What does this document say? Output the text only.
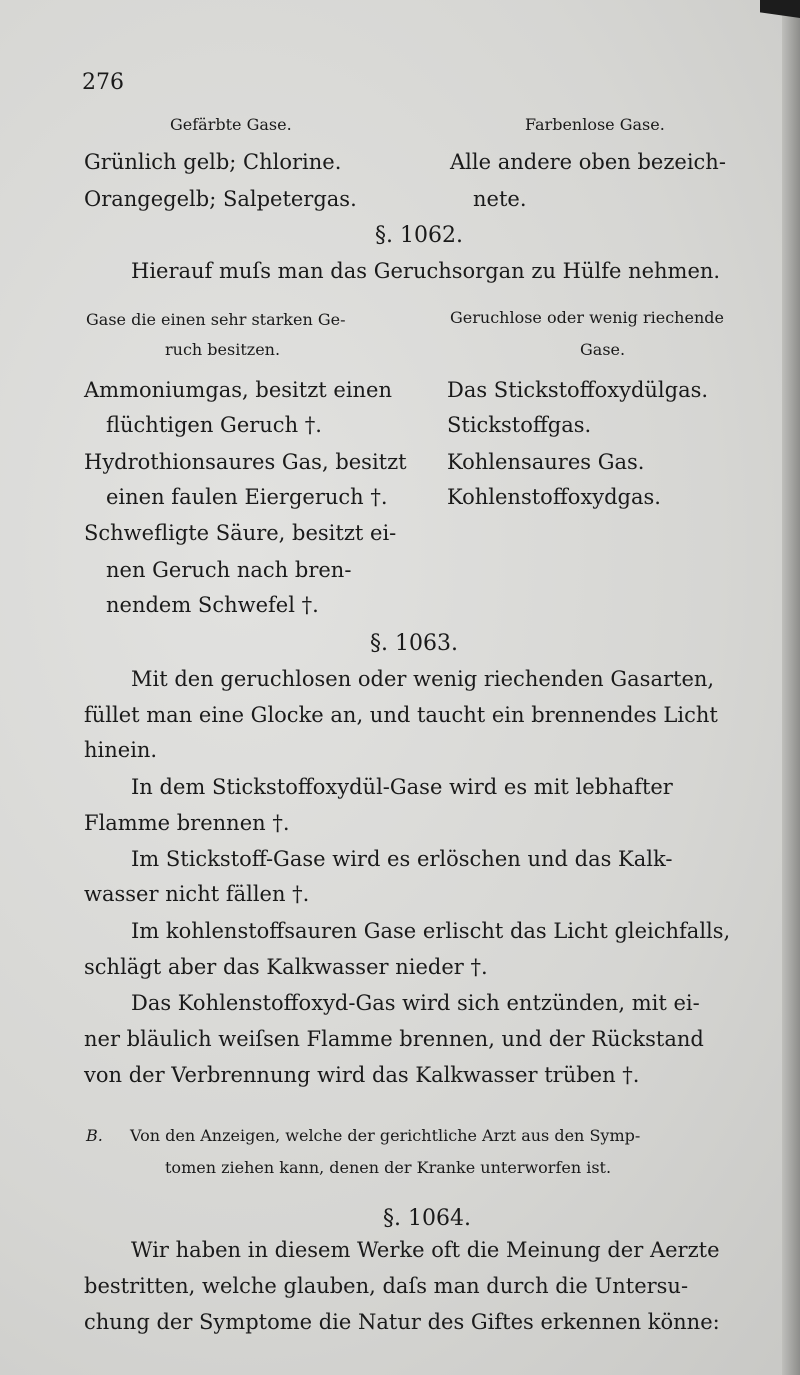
276
Gefärbte Gase.	Farbenlose Gase.
Grünlich gelb; Chlorine.
Orangegelb; Salpetergas.
Alle andere oben bezeich-
nete.
§. 1062.
Hierauf muſs man das Geruchsorgan zu Hülfe nehmen.
Gase die einen sehr starken Ge-
ruch besitzen.
Geruchlose oder wenig riechende
Gase.
Ammoniumgas, besitzt einen
flüchtigen Geruch †.
Hydrothionsaures Gas, besitzt
einen faulen Eiergeruch †.
Schwefligte Säure, besitzt ei-
nen Geruch nach bren-
nendem Schwefel †.
Das Stickstoffoxydülgas.
Stickstoffgas.
Kohlensaures Gas.
Kohlenstoffoxydgas.
§. 1063.
Mit den geruchlosen oder wenig riechenden Gasarten,
füllet man eine Glocke an, und taucht ein brennendes Licht
hinein.
In dem Stickstoffoxydül-Gase wird es mit lebhafter
Flamme brennen †.
Im Stickstoff-Gase wird es erlöschen und das Kalk-
wasser nicht fällen †.
Im kohlenstoffsauren Gase erlischt das Licht gleichfalls,
schlägt aber das Kalkwasser nieder †.
Das Kohlenstoffoxyd-Gas wird sich entzünden, mit ei-
ner bläulich weiſsen Flamme brennen, und der Rückstand
von der Verbrennung wird das Kalkwasser trüben †.
B. Von den Anzeigen, welche der gerichtliche Arzt aus den Symp-
tomen ziehen kann, denen der Kranke unterworfen ist.
§. 1064.
Wir haben in diesem Werke oft die Meinung der Aerzte
bestritten, welche glauben, daſs man durch die Untersu-
chung der Symptome die Natur des Giftes erkennen könne:
